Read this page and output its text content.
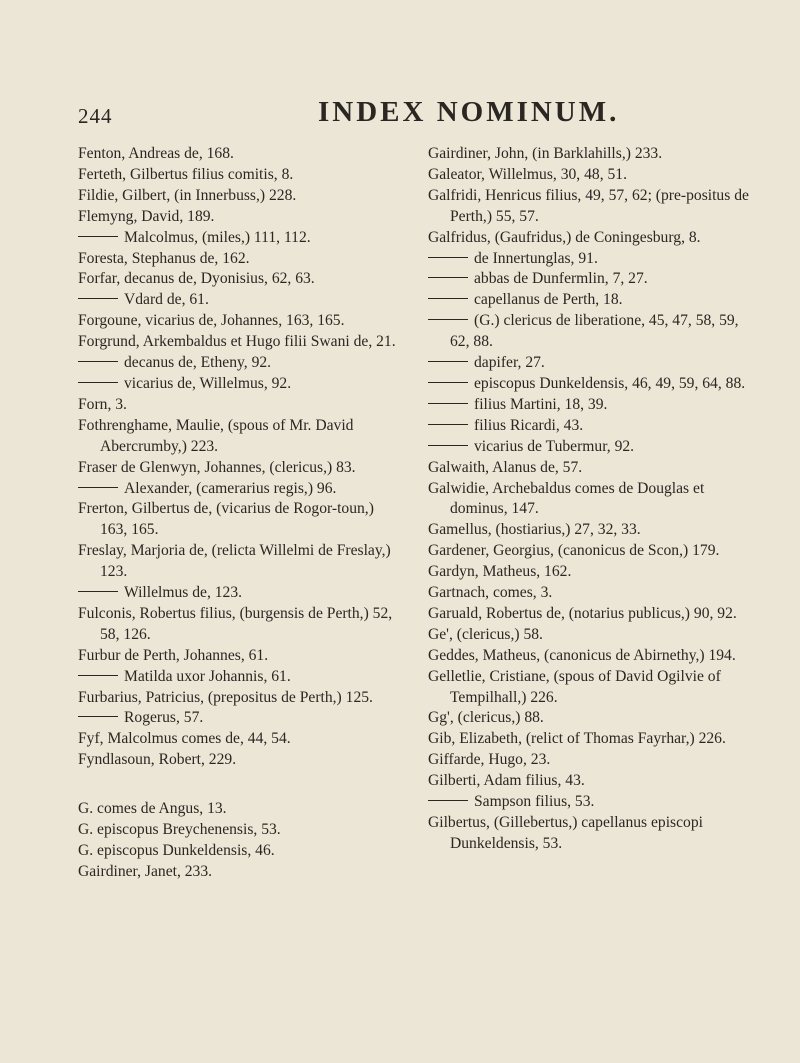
244	INDEX NOMINUM.

Fenton, Andreas de, 168.

Ferteth, Gilbertus filius comitis, 8.

Fildie, Gilbert, (in Innerbuss,) 228.

Flemyng, David, 189.

Malcolmus, (miles,) 111, 112.

Foresta, Stephanus de, 162.

Forfar, decanus de, Dyonisius, 62, 63.

Vdard de, 61.

Forgoune, vicarius de, Johannes, 163, 165.

Forgrund, Arkembaldus et Hugo filii Swani de, 21.

decanus de, Etheny, 92.

vicarius de, Willelmus, 92.

Forn, 3.

Fothrenghame, Maulie, (spous of Mr. David Abercrumby,) 223.

Fraser de Glenwyn, Johannes, (clericus,) 83.

Alexander, (camerarius regis,) 96.

Frerton, Gilbertus de, (vicarius de Rogor-toun,) 163, 165.

Freslay, Marjoria de, (relicta Willelmi de Freslay,) 123.

Willelmus de, 123.

Fulconis, Robertus filius, (burgensis de Perth,) 52, 58, 126.

Furbur de Perth, Johannes, 61.

Matilda uxor Johannis, 61.

Furbarius, Patricius, (prepositus de Perth,) 125.

Rogerus, 57.

Fyf, Malcolmus comes de, 44, 54.

Fyndlasoun, Robert, 229.

G. comes de Angus, 13.

G. episcopus Breychenensis, 53.

G. episcopus Dunkeldensis, 46.

Gairdiner, Janet, 233.

Gairdiner, John, (in Barklahills,) 233.

Galeator, Willelmus, 30, 48, 51.

Galfridi, Henricus filius, 49, 57, 62; (pre-positus de Perth,) 55, 57.

Galfridus, (Gaufridus,) de Coningesburg, 8.

de Innertunglas, 91.

abbas de Dunfermlin, 7, 27.

capellanus de Perth, 18.

(G.) clericus de liberatione, 45, 47, 58, 59, 62, 88.

dapifer, 27.

episcopus Dunkeldensis, 46, 49, 59, 64, 88.

filius Martini, 18, 39.

filius Ricardi, 43.

vicarius de Tubermur, 92.

Galwaith, Alanus de, 57.

Galwidie, Archebaldus comes de Douglas et dominus, 147.

Gamellus, (hostiarius,) 27, 32, 33.

Gardener, Georgius, (canonicus de Scon,) 179.

Gardyn, Matheus, 162.

Gartnach, comes, 3.

Garuald, Robertus de, (notarius publicus,) 90, 92.

Ge', (clericus,) 58.

Geddes, Matheus, (canonicus de Abirnethy,) 194.

Gelletlie, Cristiane, (spous of David Ogilvie of Tempilhall,) 226.

Gg', (clericus,) 88.

Gib, Elizabeth, (relict of Thomas Fayrhar,) 226.

Giffarde, Hugo, 23.

Gilberti, Adam filius, 43.

Sampson filius, 53.

Gilbertus, (Gillebertus,) capellanus episcopi Dunkeldensis, 53.
